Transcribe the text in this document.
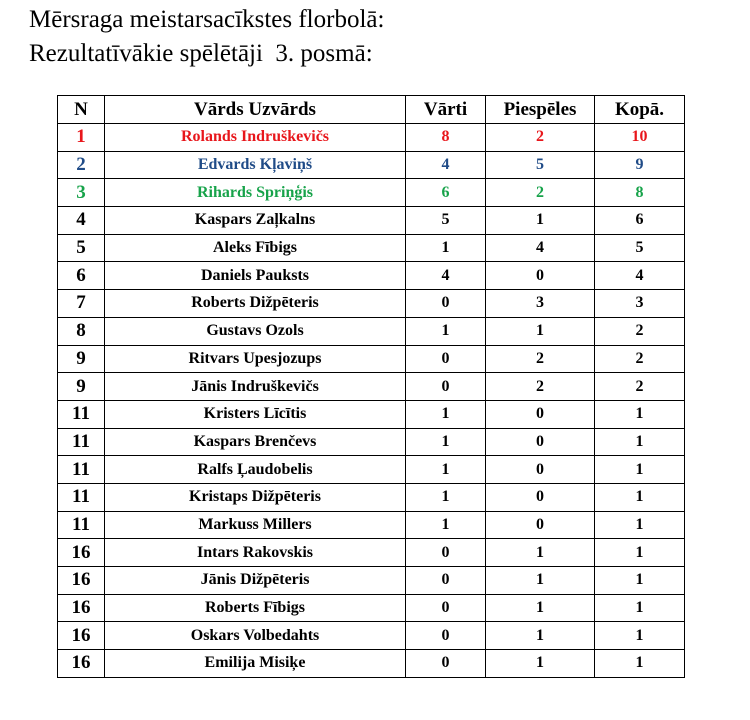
Mērsraga meistarsacīkstes florbolā:
Rezultatīvākie spēlētāji  3. posmā:
N	Vārds Uzvārds	Vārti	Piespēles	Kopā.
1	Rolands Indruškevičs	8	2	10
2	Edvards Kļaviņš	4	5	9
3	Rihards Spriņģis	6	2	8
4	Kaspars Zaļkalns	5	1	6
5	Aleks Fībigs	1	4	5
6	Daniels Pauksts	4	0	4
7	Roberts Dižpēteris	0	3	3
8	Gustavs Ozols	1	1	2
9	Ritvars Upesjozups	0	2	2
9	Jānis Indruškevičs	0	2	2
11	Kristers Līcītis	1	0	1
11	Kaspars Brenčevs	1	0	1
11	Ralfs Ļaudobelis	1	0	1
11	Kristaps Dižpēteris	1	0	1
11	Markuss Millers	1	0	1
16	Intars Rakovskis	0	1	1
16	Jānis Dižpēteris	0	1	1
16	Roberts Fībigs	0	1	1
16	Oskars Volbedahts	0	1	1
16	Emilija Misiķe	0	1	1
